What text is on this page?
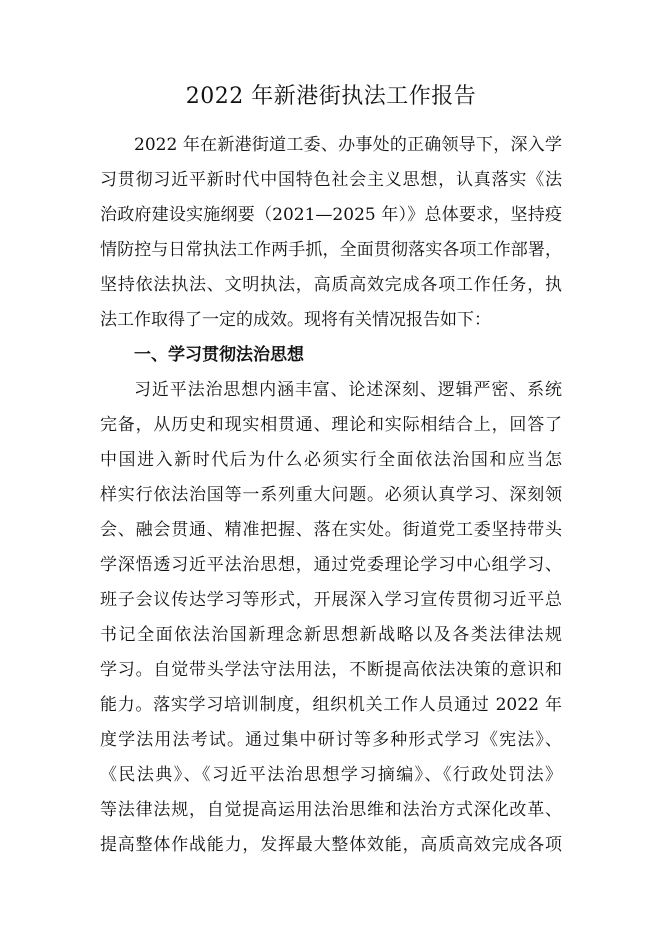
2022 年新港街执法工作报告

2022 年在新港街道工委、办事处的正确领导下，深入学

习贯彻习近平新时代中国特色社会主义思想，认真落实《法

治政府建设实施纲要（2021—2025 年）》总体要求，坚持疫

情防控与日常执法工作两手抓，全面贯彻落实各项工作部署，

坚持依法执法、文明执法，高质高效完成各项工作任务，执

法工作取得了一定的成效。现将有关情况报告如下：

一、学习贯彻法治思想

习近平法治思想内涵丰富、论述深刻、逻辑严密、系统

完备，从历史和现实相贯通、理论和实际相结合上，回答了

中国进入新时代后为什么必须实行全面依法治国和应当怎

样实行依法治国等一系列重大问题。必须认真学习、深刻领

会、融会贯通、精准把握、落在实处。街道党工委坚持带头

学深悟透习近平法治思想，通过党委理论学习中心组学习、

班子会议传达学习等形式，开展深入学习宣传贯彻习近平总

书记全面依法治国新理念新思想新战略以及各类法律法规

学习。自觉带头学法守法用法，不断提高依法决策的意识和

能力。落实学习培训制度，组织机关工作人员通过 2022 年

度学法用法考试。通过集中研讨等多种形式学习《宪法》、

《民法典》、《习近平法治思想学习摘编》、《行政处罚法》

等法律法规，自觉提高运用法治思维和法治方式深化改革、

提高整体作战能力，发挥最大整体效能，高质高效完成各项
